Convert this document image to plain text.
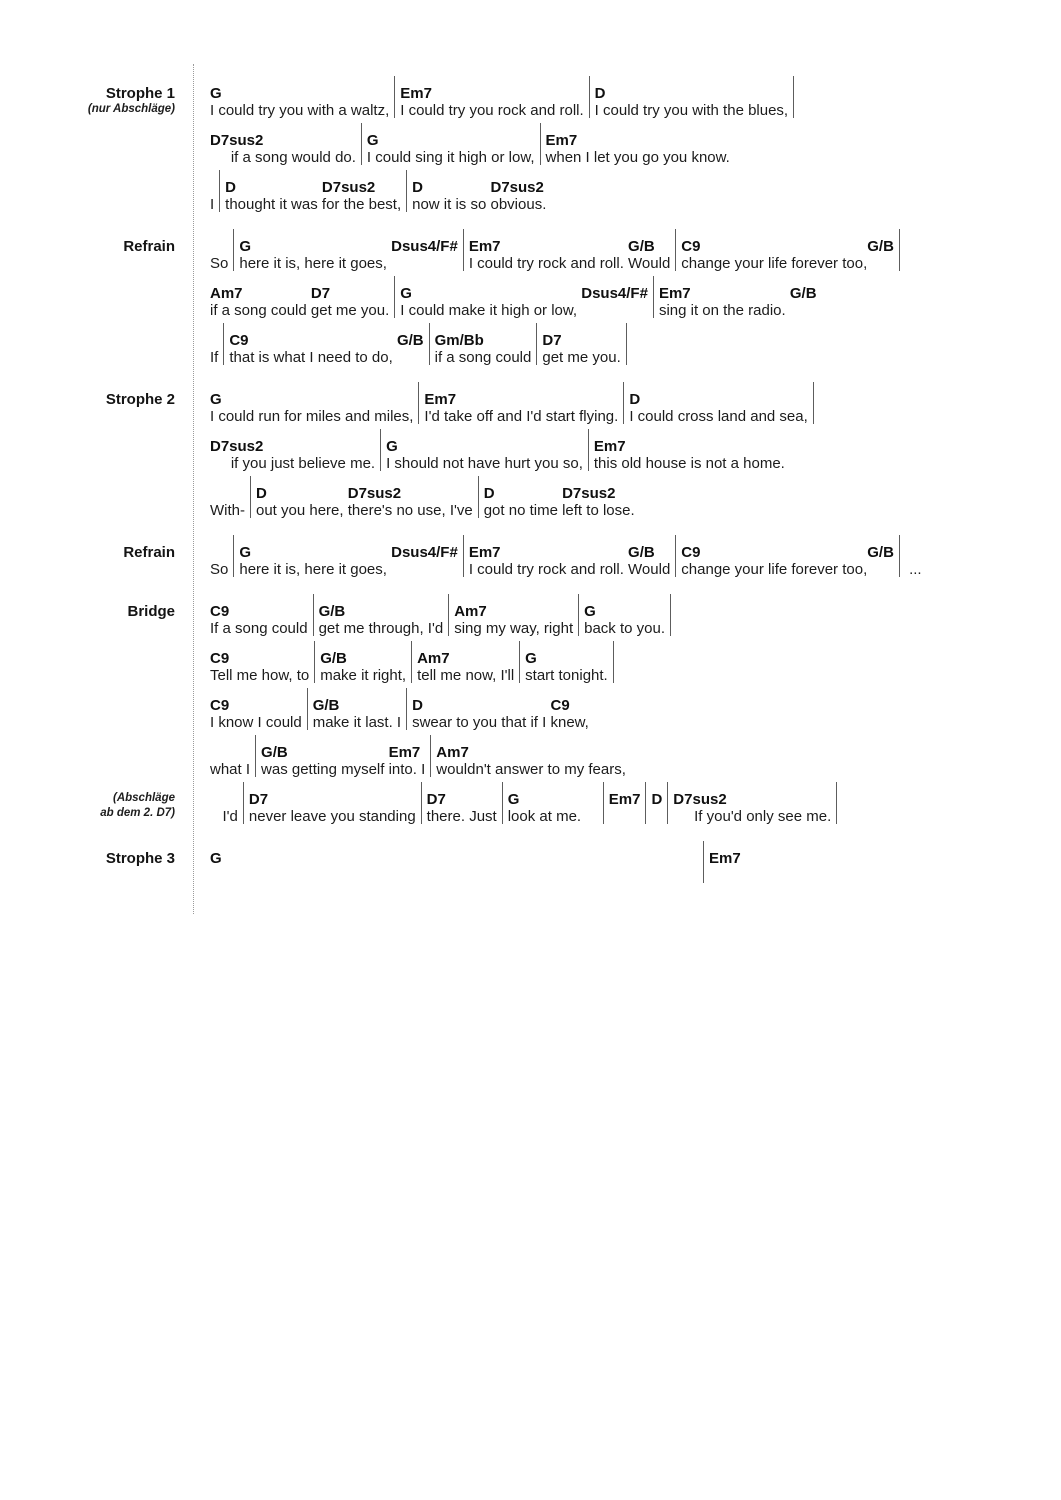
Strophe 1
(nur Abschläge)
G
I could try you with a waltz,
Em7
I could try you rock and roll.
D
I could try you with the blues,
D7sus2
if a song would do.
G
I could sing it high or low,
Em7
when I let you go you know.
I
D
thought it was
D7sus2
for the best,
D
now it is so
D7sus2
obvious.
Refrain
So
G
here it is, here it goes,
Dsus4/F# Em7
I could try rock and roll.
G/B
Would
C9
change your life forever too,
G/B
Am7
if a song could
D7
get me you.
G
I could make it high or low,
Dsus4/F# Em7
sing it on the radio.
G/B
If
C9
that is what I need to do,
G/B Gm/Bb
if a song could
D7
get me you.
Strophe 2 G
I could run for miles and miles,
Em7
I'd take off and I'd start flying.
D
I could cross land and sea,
D7sus2
if you just believe me.
G
I should not have hurt you so,
Em7
this old house is not a home.
With-
D
out you here,
D7sus2
there's no use, I've
D
got no time
D7sus2
left to lose.
Refrain
So
G
here it is, here it goes,
Dsus4/F# Em7
I could try rock and roll.
G/B
Would
C9
change your life forever too,
G/B
...
Bridge C9
If a song could
G/B
get me through, I'd
Am7
sing my way, right
G
back to you.
C9
Tell me how, to
G/B
make it right,
Am7
tell me now, I'll
G
start tonight.
C9
I know I could
G/B
make it last. I
D
swear to you that if I
C9
knew,
what I
G/B
was getting myself
Em7
into. I
Am7
wouldn't answer to my fears,
(Abschläge
ab dem 2. D7) I'd
D7
never leave you standing
D7
there. Just
G
look at me.
Em7 D D7sus2
If you'd only see me.
Strophe 3 G	Em7
